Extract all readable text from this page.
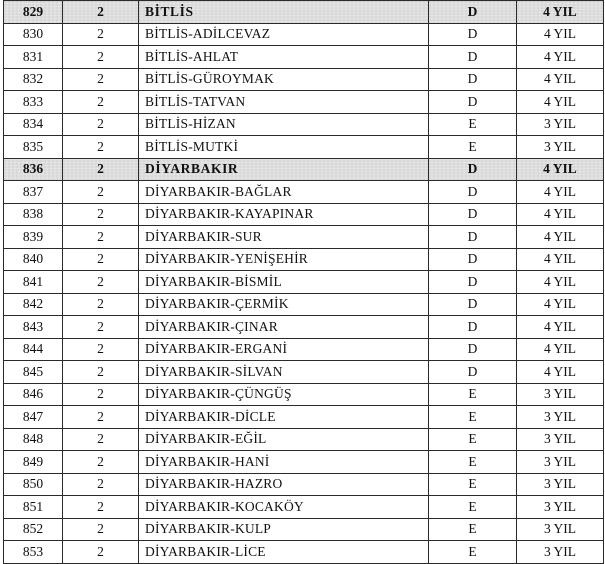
829	2	BİTLİS	D	4 YIL
830	2	BİTLİS-ADİLCEVAZ	D	4 YIL
831	2	BİTLİS-AHLAT	D	4 YIL
832	2	BİTLİS-GÜROYMAK	D	4 YIL
833	2	BİTLİS-TATVAN	D	4 YIL
834	2	BİTLİS-HİZAN	E	3 YIL
835	2	BİTLİS-MUTKİ	E	3 YIL
836	2	DİYARBAKIR	D	4 YIL
837	2	DİYARBAKIR-BAĞLAR	D	4 YIL
838	2	DİYARBAKIR-KAYAPINAR	D	4 YIL
839	2	DİYARBAKIR-SUR	D	4 YIL
840	2	DİYARBAKIR-YENİŞEHİR	D	4 YIL
841	2	DİYARBAKIR-BİSMİL	D	4 YIL
842	2	DİYARBAKIR-ÇERMİK	D	4 YIL
843	2	DİYARBAKIR-ÇINAR	D	4 YIL
844	2	DİYARBAKIR-ERGANİ	D	4 YIL
845	2	DİYARBAKIR-SİLVAN	D	4 YIL
846	2	DİYARBAKIR-ÇÜNGÜŞ	E	3 YIL
847	2	DİYARBAKIR-DİCLE	E	3 YIL
848	2	DİYARBAKIR-EĞİL	E	3 YIL
849	2	DİYARBAKIR-HANİ	E	3 YIL
850	2	DİYARBAKIR-HAZRO	E	3 YIL
851	2	DİYARBAKIR-KOCAKÖY	E	3 YIL
852	2	DİYARBAKIR-KULP	E	3 YIL
853	2	DİYARBAKIR-LİCE	E	3 YIL
